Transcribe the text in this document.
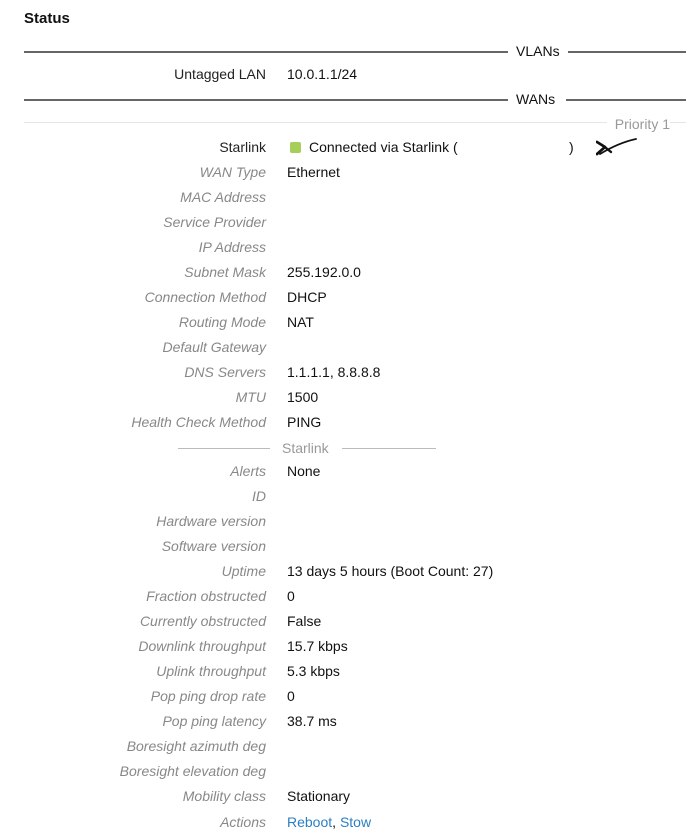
Status
VLANs
Untagged LAN 10.0.1.1/24
WANs
Priority 1
Starlink	Connected via Starlink (	)
WAN Type Ethernet
MAC Address
Service Provider
IP Address
Subnet Mask 255.192.0.0
Connection Method DHCP
Routing Mode NAT
Default Gateway
DNS Servers 1.1.1.1, 8.8.8.8
MTU 1500
Health Check Method PING
Starlink
Alerts None
ID
Hardware version
Software version
Uptime 13 days 5 hours (Boot Count: 27)
Fraction obstructed 0
Currently obstructed False
Downlink throughput 15.7 kbps
Uplink throughput 5.3 kbps
Pop ping drop rate 0
Pop ping latency 38.7 ms
Boresight azimuth deg
Boresight elevation deg
Mobility class Stationary
Actions Reboot, Stow
